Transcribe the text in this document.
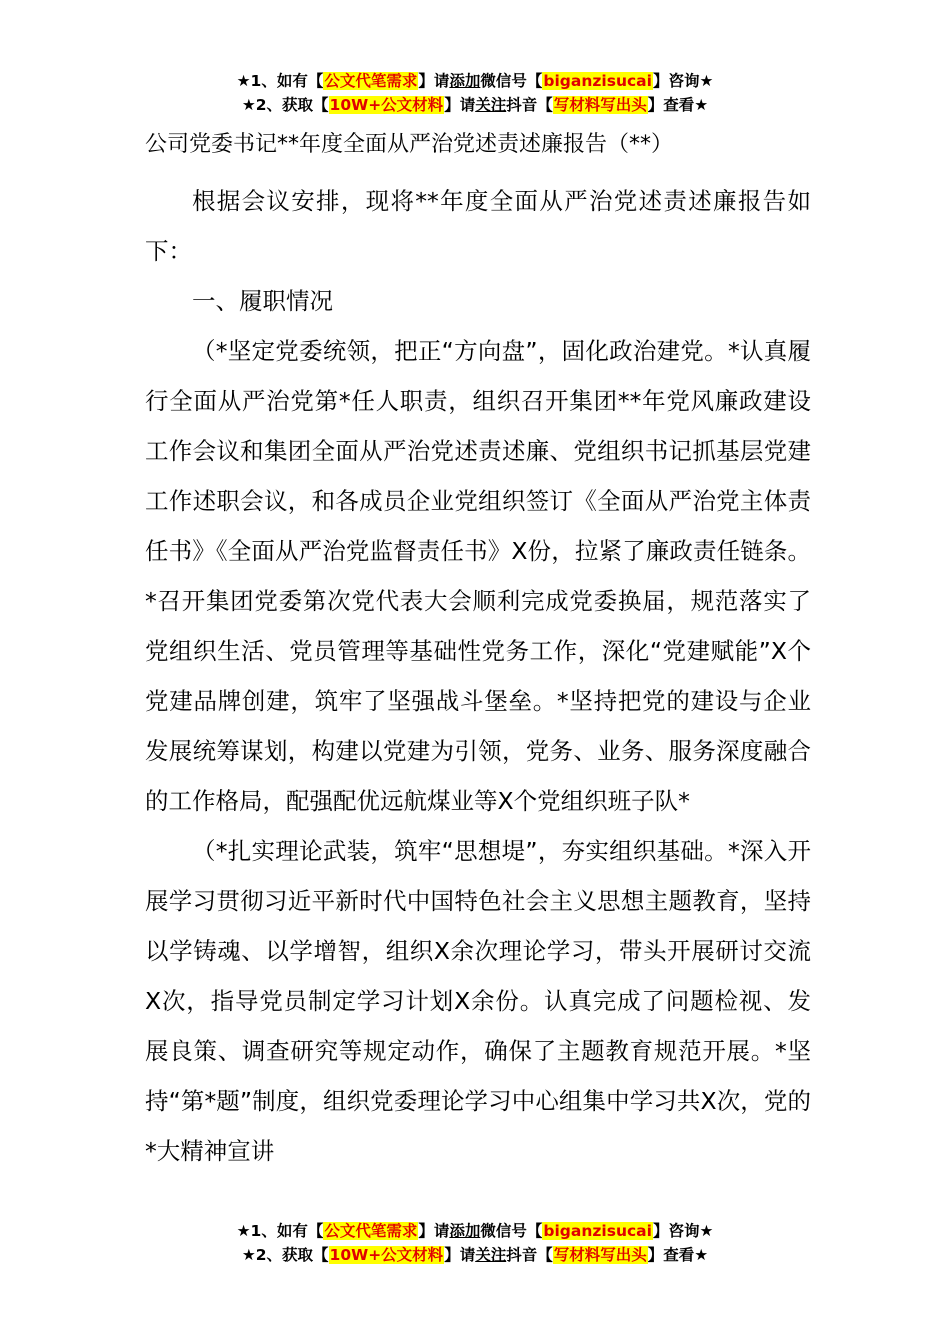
★1、如有【公文代笔需求】请添加微信号【biganzisucai】咨询★
★2、获取【10W+公文材料】请关注抖音【写材料写出头】查看★
公司党委书记**年度全面从严治党述责述廉报告（**）

根据会议安排，现将**年度全面从严治党述责述廉报告如下：

一、履职情况

（*坚定党委统领，把正“方向盘”，固化政治建党。*认真履行全面从严治党第*任人职责，组织召开集团**年党风廉政建设工作会议和集团全面从严治党述责述廉、党组织书记抓基层党建工作述职会议，和各成员企业党组织签订《全面从严治党主体责任书》《全面从严治党监督责任书》X份，拉紧了廉政责任链条。*召开集团党委第次党代表大会顺利完成党委换届，规范落实了党组织生活、党员管理等基础性党务工作，深化“党建赋能”X个党建品牌创建，筑牢了坚强战斗堡垒。*坚持把党的建设与企业发展统筹谋划，构建以党建为引领，党务、业务、服务深度融合的工作格局，配强配优远航煤业等X个党组织班子队*

（*扎实理论武装，筑牢“思想堤”，夯实组织基础。*深入开展学习贯彻习近平新时代中国特色社会主义思想主题教育，坚持以学铸魂、以学增智，组织X余次理论学习，带头开展研讨交流X次，指导党员制定学习计划X余份。认真完成了问题检视、发展良策、调查研究等规定动作，确保了主题教育规范开展。*坚持“第*题”制度，组织党委理论学习中心组集中学习共X次，党的*大精神宣讲

★1、如有【公文代笔需求】请添加微信号【biganzisucai】咨询★
★2、获取【10W+公文材料】请关注抖音【写材料写出头】查看★
